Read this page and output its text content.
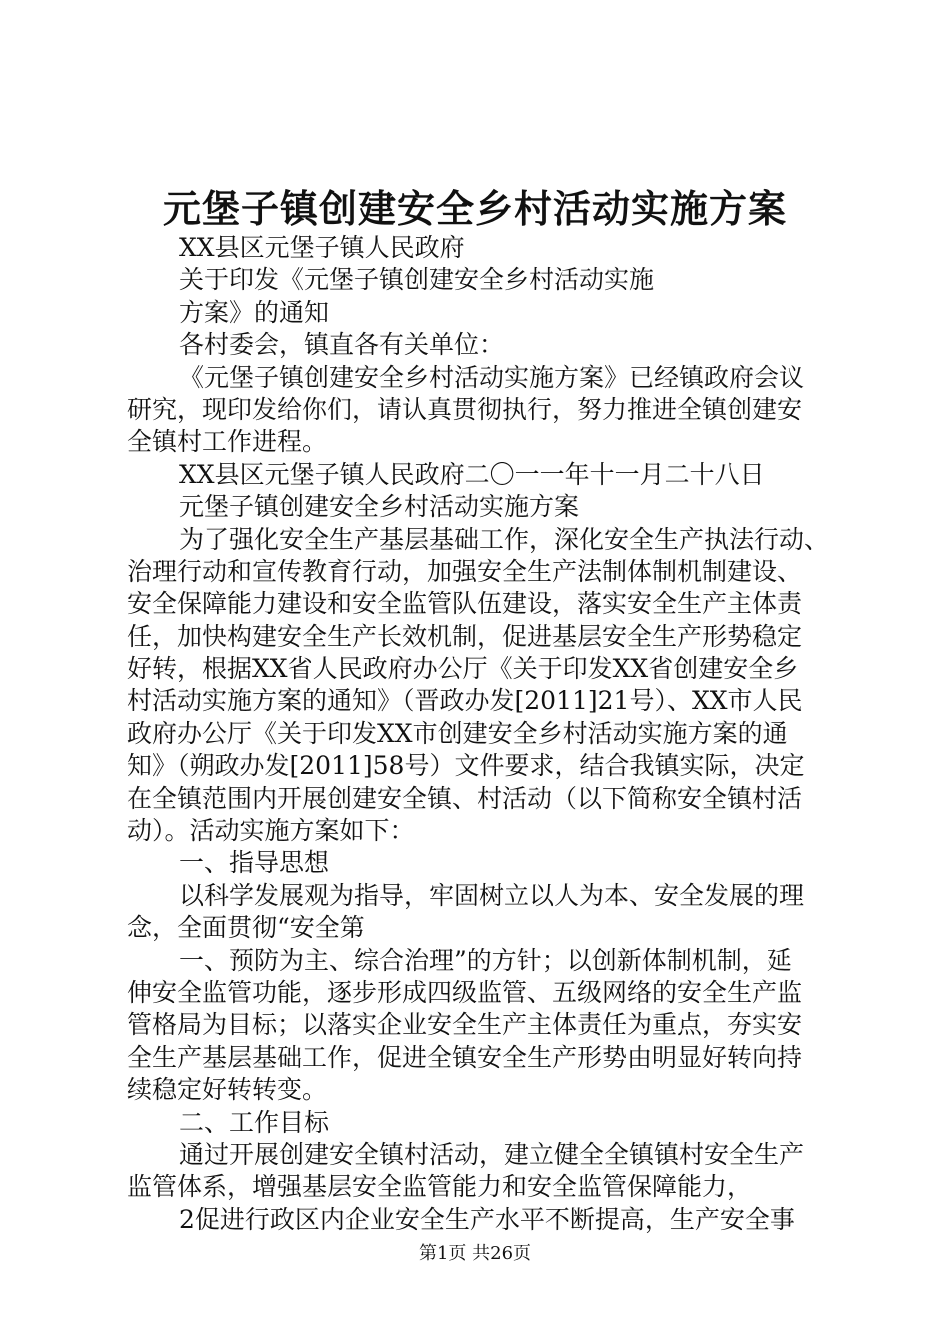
元堡子镇创建安全乡村活动实施方案
XX县区元堡子镇人民政府
关于印发《元堡子镇创建安全乡村活动实施
方案》的通知
各村委会，镇直各有关单位：
《元堡子镇创建安全乡村活动实施方案》已经镇政府会议
研究，现印发给你们，请认真贯彻执行，努力推进全镇创建安
全镇村工作进程。
XX县区元堡子镇人民政府二〇一一年十一月二十八日
元堡子镇创建安全乡村活动实施方案
为了强化安全生产基层基础工作，深化安全生产执法行动、
治理行动和宣传教育行动，加强安全生产法制体制机制建设、
安全保障能力建设和安全监管队伍建设，落实安全生产主体责
任，加快构建安全生产长效机制，促进基层安全生产形势稳定
好转，根据XX省人民政府办公厅《关于印发XX省创建安全乡
村活动实施方案的通知》（晋政办发[2011]21号）、XX市人民
政府办公厅《关于印发XX市创建安全乡村活动实施方案的通
知》（朔政办发[2011]58号）文件要求，结合我镇实际，决定
在全镇范围内开展创建安全镇、村活动（以下简称安全镇村活
动）。活动实施方案如下：
一、指导思想
以科学发展观为指导，牢固树立以人为本、安全发展的理
念，全面贯彻“安全第
一、预防为主、综合治理”的方针；以创新体制机制，延
伸安全监管功能，逐步形成四级监管、五级网络的安全生产监
管格局为目标；以落实企业安全生产主体责任为重点，夯实安
全生产基层基础工作，促进全镇安全生产形势由明显好转向持
续稳定好转转变。
二、工作目标
通过开展创建安全镇村活动，建立健全全镇镇村安全生产
监管体系，增强基层安全监管能力和安全监管保障能力，
2促进行政区内企业安全生产水平不断提高，生产安全事
第1页 共26页
